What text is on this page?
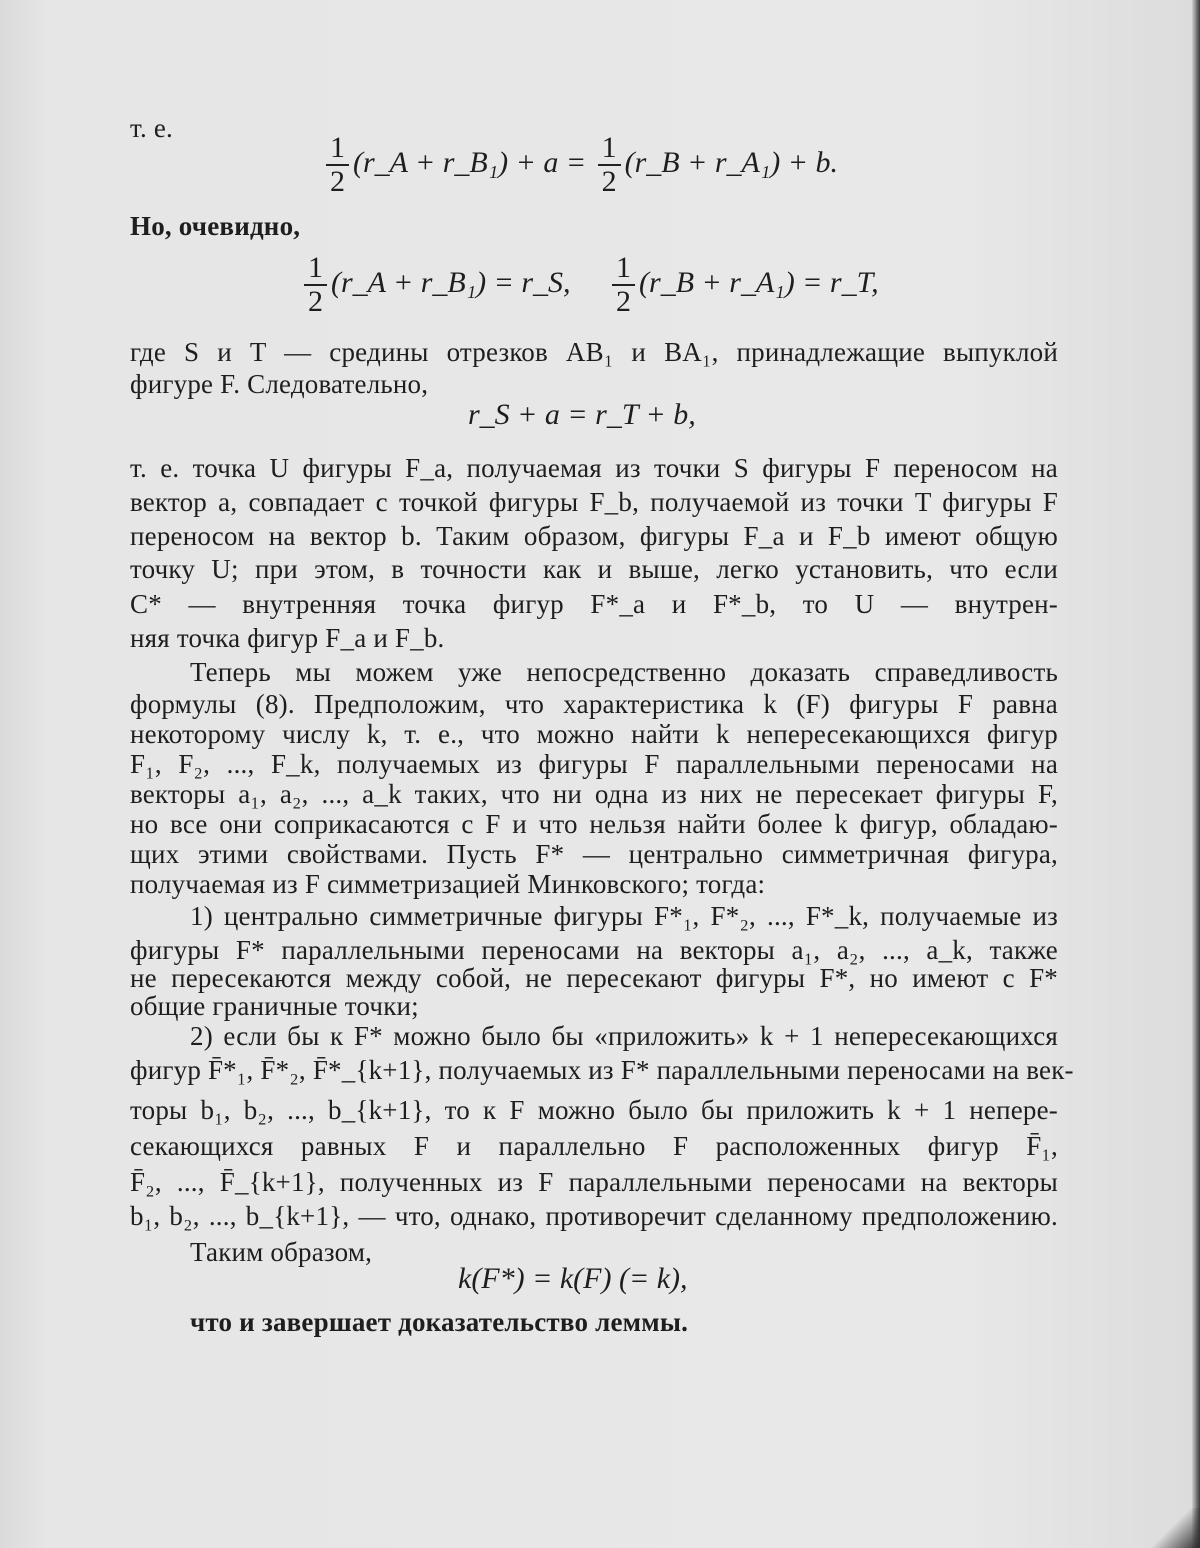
т. е.
$\frac{1}{2}$ (r_A + r_B₁) + $a = \frac{1}{2}$ (r_B + r_A₁) + b.
Но, очевидно,
$\frac{1}{2}$ (r_A + r_B₁) = r_S, $\frac{1}{2}$ (r_B + r_A₁) = r_T,
где S и T — средины отрезков AB₁ и BA₁, принадлежащие выпуклой
фигуре F. Следовательно,
r_S + a = r_T + b,
т. е. точка U фигуры F_a, получаемая из точки S фигуры F переносом на
вектор a, совпадает с точкой фигуры F_b, получаемой из точки T фигуры F
переносом на вектор b. Таким образом, фигуры F_a и F_b имеют общую
точку U; при этом, в точности как и выше, легко установить, что если
C* — внутренняя точка фигур F*_a и F*_b, то U — внутрен-
няя точка фигур F_a и F_b.
Теперь мы можем уже непосредственно доказать справедливость
формулы (8). Предположим, что характеристика k (F) фигуры F равна
некоторому числу k, т. е., что можно найти k непересекающихся фигур
F₁, F₂, ..., F_k, получаемых из фигуры F параллельными переносами на
векторы a₁, a₂, ..., a_k таких, что ни одна из них не пересекает фигуры F,
но все они соприкасаются с F и что нельзя найти более k фигур, обладаю-
щих этими свойствами. Пусть F* — центрально симметричная фигура,
получаемая из F симметризацией Минковского; тогда:
1) центрально симметричные фигуры F*₁, F*₂, ..., F*_k, получаемые из
фигуры F* параллельными переносами на векторы a₁, a₂, ..., a_k, также
не пересекаются между собой, не пересекают фигуры F*, но имеют с F*
общие граничные точки;
2) если бы к F* можно было бы «приложить» k + 1 непересекающихся
фигур F̄*₁, F̄*₂, F̄*_{k+1}, получаемых из F* параллельными переносами на век-
торы b₁, b₂, ..., b_{k+1}, то к F можно было бы приложить k + 1 непере-
секающихся равных F и параллельно F расположенных фигур F̄₁,
F̄₂, ..., F̄_{k+1}, полученных из F параллельными переносами на векторы
b₁, b₂, ..., b_{k+1}, — что, однако, противоречит сделанному предположению.
Таким образом,
k(F*) = k(F) (= k),
что и завершает доказательство леммы.
